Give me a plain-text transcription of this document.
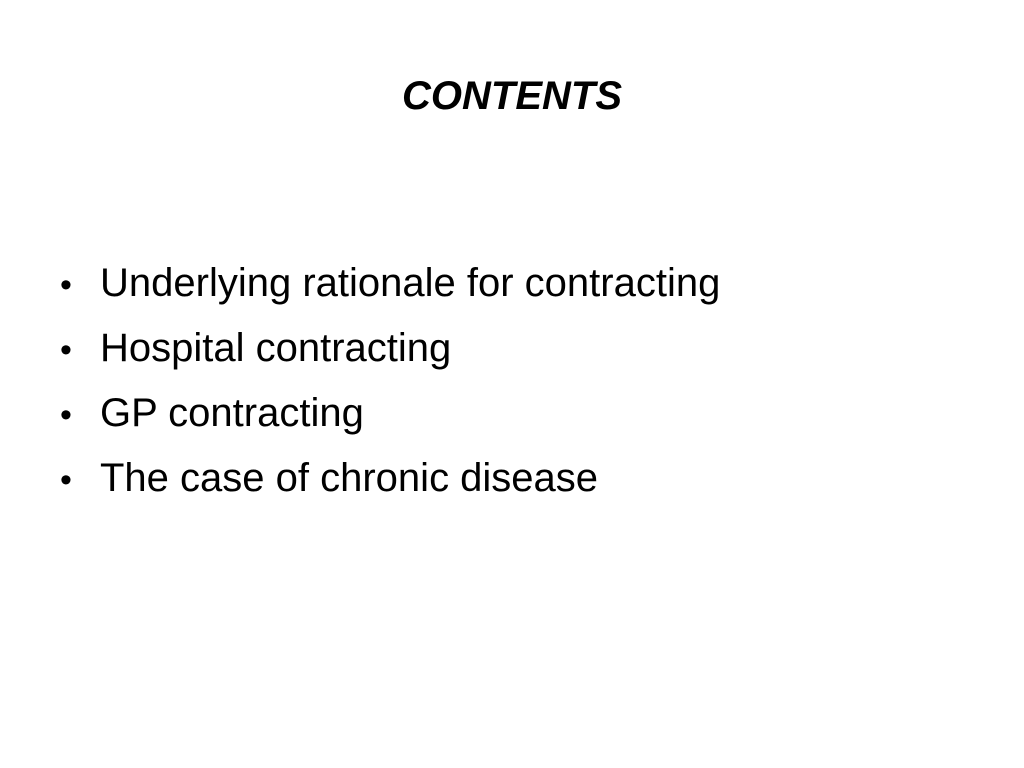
CONTENTS
• Underlying rationale for contracting
• Hospital contracting
• GP contracting
• The case of chronic disease
